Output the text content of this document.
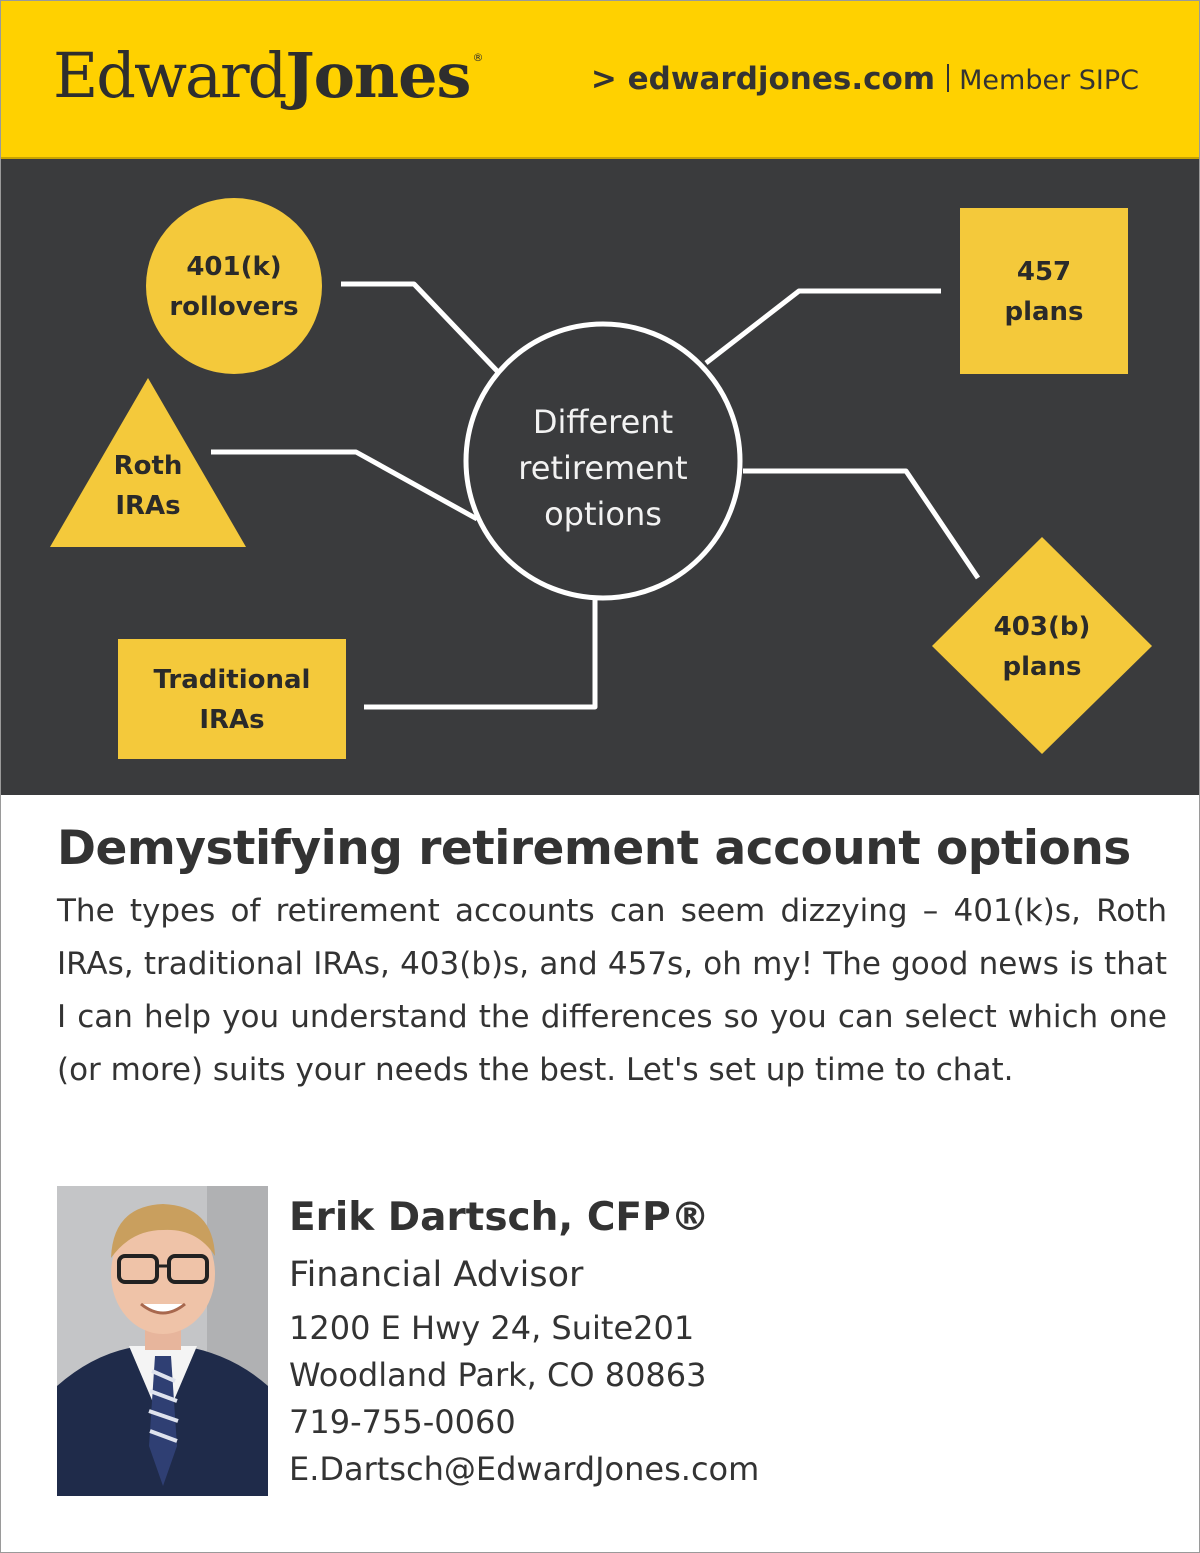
EdwardJones ®
> edwardjones.com Member SIPC
401(k)
rollovers
Roth
IRAs
Traditional
IRAs
457
plans
403(b)
plans
Different
retirement
options
Demystifying retirement account options
The types of retirement accounts can seem dizzying – 401(k)s, Roth IRAs, traditional IRAs, 403(b)s, and 457s, oh my! The good news is that I can help you understand the differences so you can select which one (or more) suits your needs the best. Let's set up time to chat.
Erik Dartsch, CFP®
Financial Advisor
1200 E Hwy 24, Suite201
Woodland Park, CO 80863
719-755-0060
E.Dartsch@EdwardJones.com
